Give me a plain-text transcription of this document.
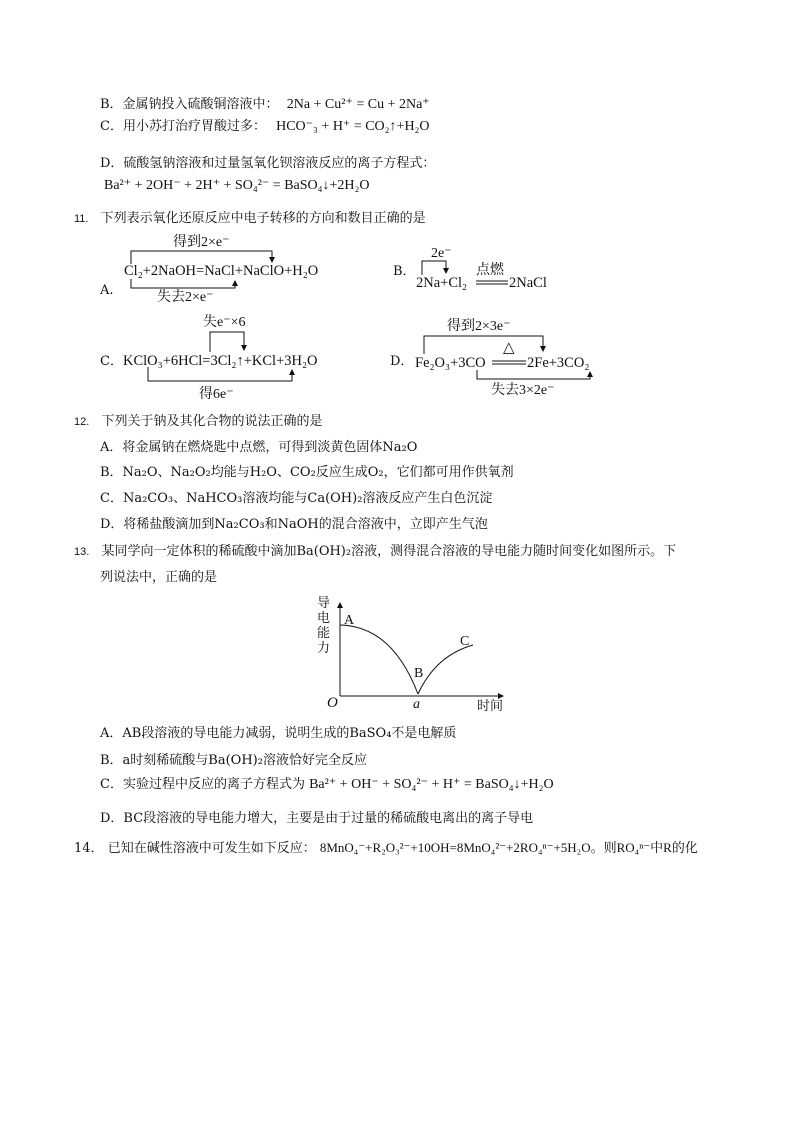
B．金属钠投入硫酸铜溶液中： 2Na + Cu²⁺ = Cu + 2Na⁺
C．用小苏打治疗胃酸过多： HCO⁻₃ + H⁺ = CO₂↑+H₂O
D．硫酸氢钠溶液和过量氢氧化钡溶液反应的离子方程式：
Ba²⁺ + 2OH⁻ + 2H⁺ + SO₄²⁻ = BaSO₄↓+2H₂O
11. 下列表示氧化还原反应中电子转移的方向和数目正确的是
A.
得到2×e⁻
Cl₂+2NaOH=NaCl+NaClO+H₂O
失去2×e⁻
B．
2e⁻
点燃
2Na+Cl₂	2NaCl
失e⁻×6
C． KClO₃+6HCl=3Cl₂↑+KCl+3H₂O
得6e⁻
得到2×3e⁻
D． Fe₂O₃+3CO
△
2Fe+3CO₂
失去3×2e⁻
12. 下列关于钠及其化合物的说法正确的是
A．将金属钠在燃烧匙中点燃，可得到淡黄色固体Na₂O
B．Na₂O、Na₂O₂均能与H₂O、CO₂反应生成O₂，它们都可用作供氧剂
C．Na₂CO₃、NaHCO₃溶液均能与Ca(OH)₂溶液反应产生白色沉淀
D．将稀盐酸滴加到Na₂CO₃和NaOH的混合溶液中，立即产生气泡
13. 某同学向一定体积的稀硫酸中滴加Ba(OH)₂溶液，测得混合溶液的导电能力随时间变化如图所示。下
列说法中，正确的是
导电能力
A
B
C
O	a	时间
A．AB段溶液的导电能力减弱，说明生成的BaSO₄不是电解质
B．a时刻稀硫酸与Ba(OH)₂溶液恰好完全反应
C．实验过程中反应的离子方程式为 Ba²⁺ + OH⁻ + SO₄²⁻ + H⁺ = BaSO₄↓+H₂O
D．BC段溶液的导电能力增大，主要是由于过量的稀硫酸电离出的离子导电
14． 已知在碱性溶液中可发生如下反应： 8MnO₄⁻+R₂O₃²⁻+10OH=8MnO₄²⁻+2RO₄ⁿ⁻+5H₂O。则RO₄ⁿ⁻中R的化
